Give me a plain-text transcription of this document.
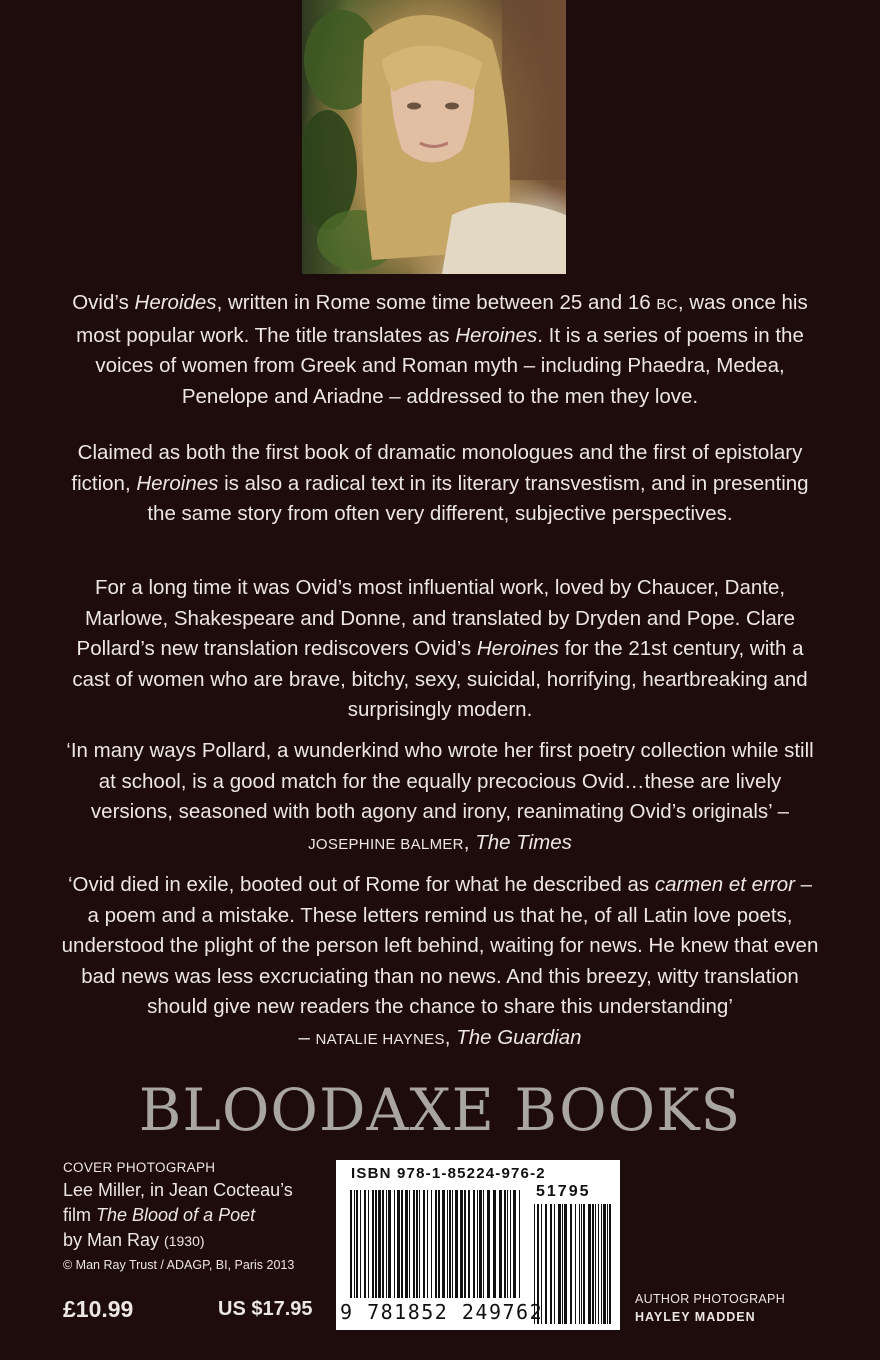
Ovid’s Heroides, written in Rome some time between 25 and 16 BC, was once his most popular work. The title translates as Heroines. It is a series of poems in the voices of women from Greek and Roman myth – including Phaedra, Medea, Penelope and Ariadne – addressed to the men they love.

Claimed as both the first book of dramatic monologues and the first of epistolary fiction, Heroines is also a radical text in its literary transvestism, and in presenting the same story from often very different, subjective perspectives.

For a long time it was Ovid’s most influential work, loved by Chaucer, Dante, Marlowe, Shakespeare and Donne, and translated by Dryden and Pope. Clare Pollard’s new translation rediscovers Ovid’s Heroines for the 21st century, with a cast of women who are brave, bitchy, sexy, suicidal, horrifying, heartbreaking and surprisingly modern.

‘In many ways Pollard, a wunderkind who wrote her first poetry collection while still at school, is a good match for the equally precocious Ovid…these are lively versions, seasoned with both agony and irony, reanimating Ovid’s originals’ – JOSEPHINE BALMER, The Times

‘Ovid died in exile, booted out of Rome for what he described as carmen et error – a poem and a mistake. These letters remind us that he, of all Latin love poets, understood the plight of the person left behind, waiting for news. He knew that even bad news was less excruciating than no news. And this breezy, witty translation should give new readers the chance to share this understanding’
– NATALIE HAYNES, The Guardian

BLOODAXE BOOKS
COVER PHOTOGRAPH
Lee Miller, in Jean Cocteau’s
film The Blood of a Poet
by Man Ray (1930)
© Man Ray Trust / ADAGP, BI, Paris 2013
£10.99	US $17.95
ISBN 978-1-85224-976-2
51795
9 781852 249762
AUTHOR PHOTOGRAPH
HAYLEY MADDEN
